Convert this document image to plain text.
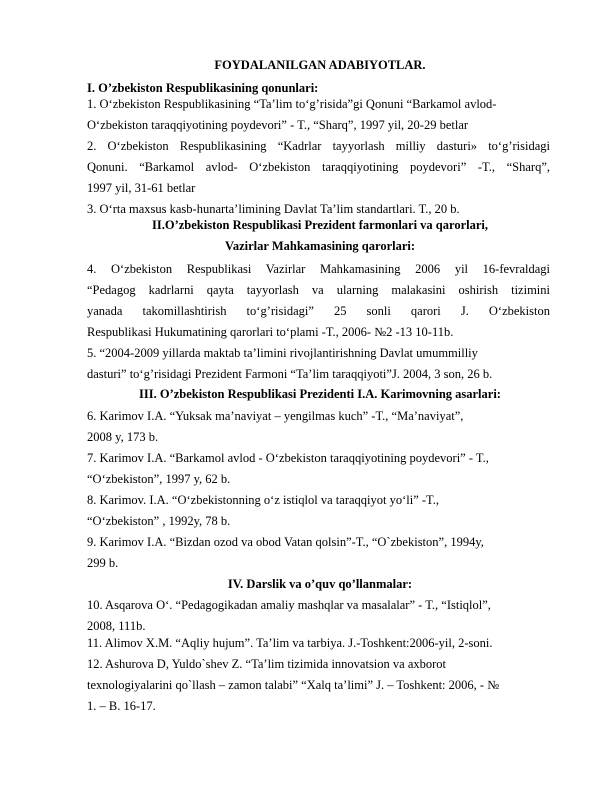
FOYDALANILGAN ADABIYOTLAR.
I. O’zbekiston Respublikasining qonunlari:
1. O‘zbekiston Respublikasining “Ta’lim to‘g’risida”gi Qonuni “Barkamol avlod-
O‘zbekiston taraqqiyotining poydevori” - T., “Sharq”, 1997 yil, 20-29 betlar
2. O‘zbekiston Respublikasining “Kadrlar tayyorlash milliy dasturi» to‘g’risidagi
Qonuni. “Barkamol avlod- O‘zbekiston taraqqiyotining poydevori” -T., “Sharq”,
1997 yil, 31-61 betlar
3. O‘rta maxsus kasb-hunarta’limining Davlat Ta’lim standartlari. T., 20 b.
II.O’zbekiston Respublikasi Prezident farmonlari va qarorlari,
Vazirlar Mahkamasining qarorlari:
4. O‘zbekiston Respublikasi Vazirlar Mahkamasining 2006 yil 16-fevraldagi
“Pedagog kadrlarni qayta tayyorlash va ularning malakasini oshirish tizimini
yanada takomillashtirish to‘g’risidagi” 25 sonli qarori J. O‘zbekiston
Respublikasi Hukumatining qarorlari to‘plami -T., 2006- №2 -13 10-11b.
5. “2004-2009 yillarda maktab ta’limini rivojlantirishning Davlat umummilliy
dasturi” to‘g’risidagi Prezident Farmoni “Ta’lim taraqqiyoti”J. 2004, 3 son, 26 b.
III. O’zbekiston Respublikasi Prezidenti I.A. Karimovning asarlari:
6. Karimov I.A. “Yuksak ma’naviyat – yengilmas kuch” -T., “Ma’naviyat”,
2008 y, 173 b.
7. Karimov I.A. “Barkamol avlod - O‘zbekiston taraqqiyotining poydevori” - T.,
“O‘zbekiston”, 1997 y, 62 b.
8. Karimov. I.A. “O‘zbekistonning o‘z istiqlol va taraqqiyot yo‘li” -T.,
“O‘zbekiston” , 1992y, 78 b.
9. Karimov I.A. “Bizdan ozod va obod Vatan qolsin”-T., “O`zbekiston”, 1994y,
299 b.
IV. Darslik va o’quv qo’llanmalar:
10. Asqarova O‘. “Pedagogikadan amaliy mashqlar va masalalar” - T., “Istiqlol”,
2008, 111b.
11. Alimov X.M. “Aqliy hujum”. Ta’lim va tarbiya. J.-Toshkent:2006-yil, 2-soni.
12. Ashurova D, Yuldo`shev Z. “Ta’lim tizimida innovatsion va axborot
texnologiyalarini qo`llash – zamon talabi” “Xalq ta’limi” J. – Toshkent: 2006, - №
1. – B. 16-17.
